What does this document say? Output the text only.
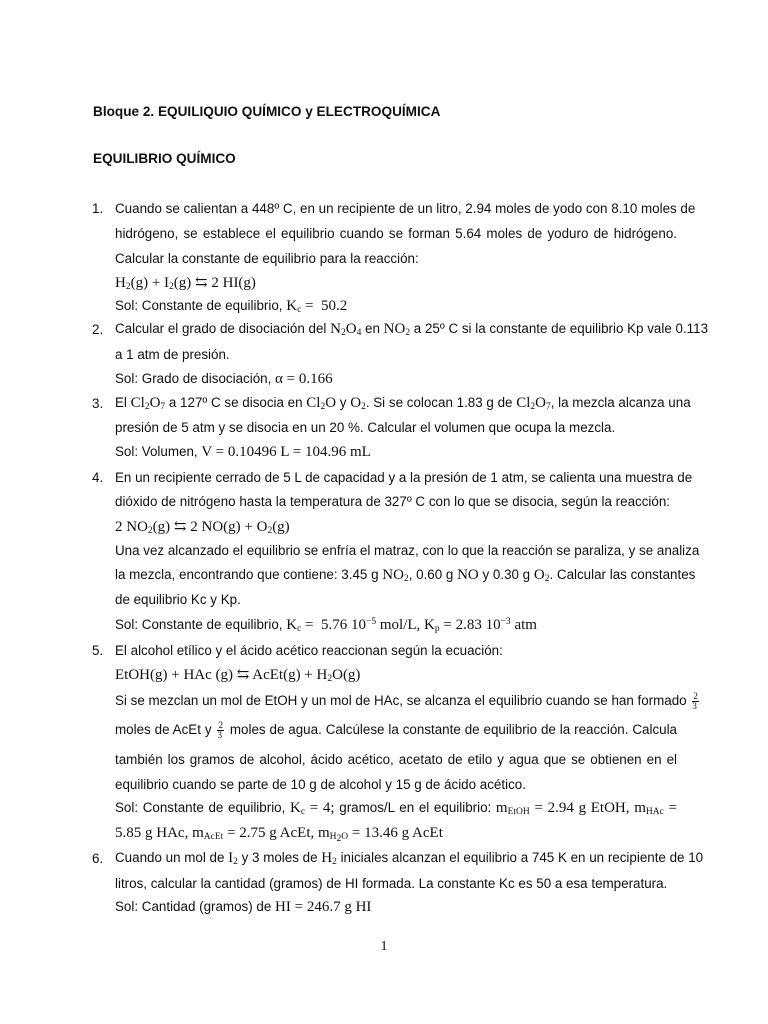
Bloque 2. EQUILIQUIO QUÍMICO y ELECTROQUÍMICA
EQUILIBRIO QUÍMICO
1. Cuando se calientan a 448º C, en un recipiente de un litro, 2.94 moles de yodo con 8.10 moles de
hidrógeno, se establece el equilibrio cuando se forman 5.64 moles de yoduro de hidrógeno.
Calcular la constante de equilibrio para la reacción:
$H_2(g) + I_2(g)$ ⇆ 2 HI(g)
Sol: Constante de equilibrio, $K_c = 50.2$
2. Calcular el grado de disociación del $N_2O_4$ en $NO_2$ a 25º C si la constante de equilibrio Kp vale 0.113
a 1 atm de presión.
Sol: Grado de disociación, α = 0.166
3. El $Cl_2O_7$ a 127º C se disocia en $Cl_2O$ y $O_2$. Si se colocan 1.83 g de $Cl_2O_7$, la mezcla alcanza una
presión de 5 atm y se disocia en un 20 %. Calcular el volumen que ocupa la mezcla.
Sol: Volumen, V = 0.10496 L = 104.96 mL
4. En un recipiente cerrado de 5 L de capacidad y a la presión de 1 atm, se calienta una muestra de
dióxido de nitrógeno hasta la temperatura de 327º C con lo que se disocia, según la reacción:
2 $NO_2(g)$ ⇆ 2 $NO(g) + O_2(g)$
Una vez alcanzado el equilibrio se enfría el matraz, con lo que la reacción se paraliza, y se analiza
la mezcla, encontrando que contiene: 3.45 g $NO_2$, 0.60 g NO y 0.30 g $O_2$. Calcular las constantes
de equilibrio Kc y Kp.
Sol: Constante de equilibrio, $K_c = 5.76$ $10^{-5}$ mol/L, $K_p = 2.83$ $10^{-3}$ atm
5. El alcohol etílico y el ácido acético reaccionan según la ecuación:
EtOH(g) + HAc (g) ⇆ AcEt(g) + $H_2O(g)$
Si se mezclan un mol de EtOH y un mol de HAc, se alcanza el equilibrio cuando se han formado $\frac{2}{3}$
moles de AcEt y $\frac{2}{3}$ moles de agua. Calcúlese la constante de equilibrio de la reacción. Calcula
también los gramos de alcohol, ácido acético, acetato de etilo y agua que se obtienen en el
equilibrio cuando se parte de 10 g de alcohol y 15 g de ácido acético.
Sol: Constante de equilibrio, $K_c = 4$; gramos/L en el equilibrio: $m_{EtOH} = 2.94$ g EtOH, $m_{HAc}$ =
5.85 g HAc, $m_{AcEt} = 2.75$ g AcEt, $m_{H_2O} = 13.46$ g AcEt
6. Cuando un mol de $I_2$ y 3 moles de $H_2$ iniciales alcanzan el equilibrio a 745 K en un recipiente de 10
litros, calcular la cantidad (gramos) de HI formada. La constante Kc es 50 a esa temperatura.
Sol: Cantidad (gramos) de HI = 246.7 g HI
1
